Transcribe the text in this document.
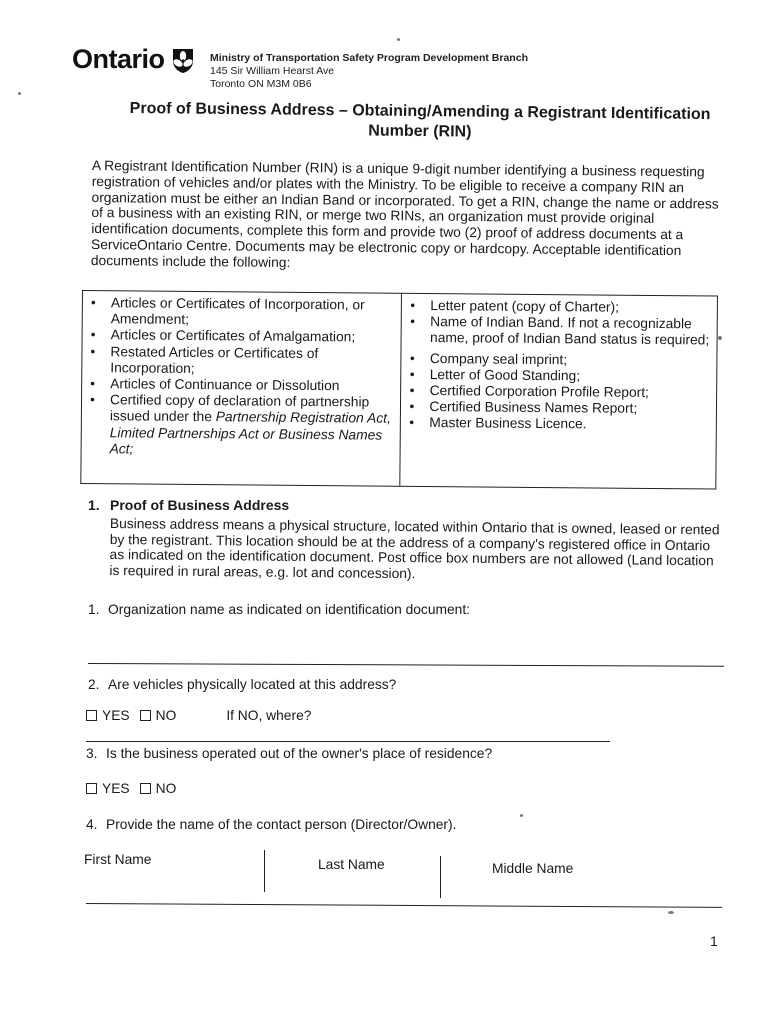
Ontario	Ministry of Transportation Safety Program Development Branch
145 Sir William Hearst Ave
Toronto ON M3M 0B6
Proof of Business Address – Obtaining/Amending a Registrant Identification
Number (RIN)

A Registrant Identification Number (RIN) is a unique 9-digit number identifying a business requesting registration of vehicles and/or plates with the Ministry. To be eligible to receive a company RIN an organization must be either an Indian Band or incorporated. To get a RIN, change the name or address of a business with an existing RIN, or merge two RINs, an organization must provide original identification documents, complete this form and provide two (2) proof of address documents at a ServiceOntario Centre. Documents may be electronic copy or hardcopy. Acceptable identification documents include the following:

• Articles or Certificates of Incorporation, or Amendment;
• Articles or Certificates of Amalgamation;
• Restated Articles or Certificates of Incorporation;
• Articles of Continuance or Dissolution
• Certified copy of declaration of partnership issued under the Partnership Registration Act, Limited Partnerships Act or Business Names Act;
• Letter patent (copy of Charter);
• Name of Indian Band. If not a recognizable name, proof of Indian Band status is required;
• Company seal imprint;
• Letter of Good Standing;
• Certified Corporation Profile Report;
• Certified Business Names Report;
• Master Business Licence.
1. Proof of Business Address
Business address means a physical structure, located within Ontario that is owned, leased or rented by the registrant. This location should be at the address of a company's registered office in Ontario as indicated on the identification document. Post office box numbers are not allowed (Land location is required in rural areas, e.g. lot and concession).
1. Organization name as indicated on identification document:
2. Are vehicles physically located at this address?
YES NO	If NO, where?
3. Is the business operated out of the owner's place of residence?
YES NO
4. Provide the name of the contact person (Director/Owner).
First Name	Last Name	Middle Name
1
